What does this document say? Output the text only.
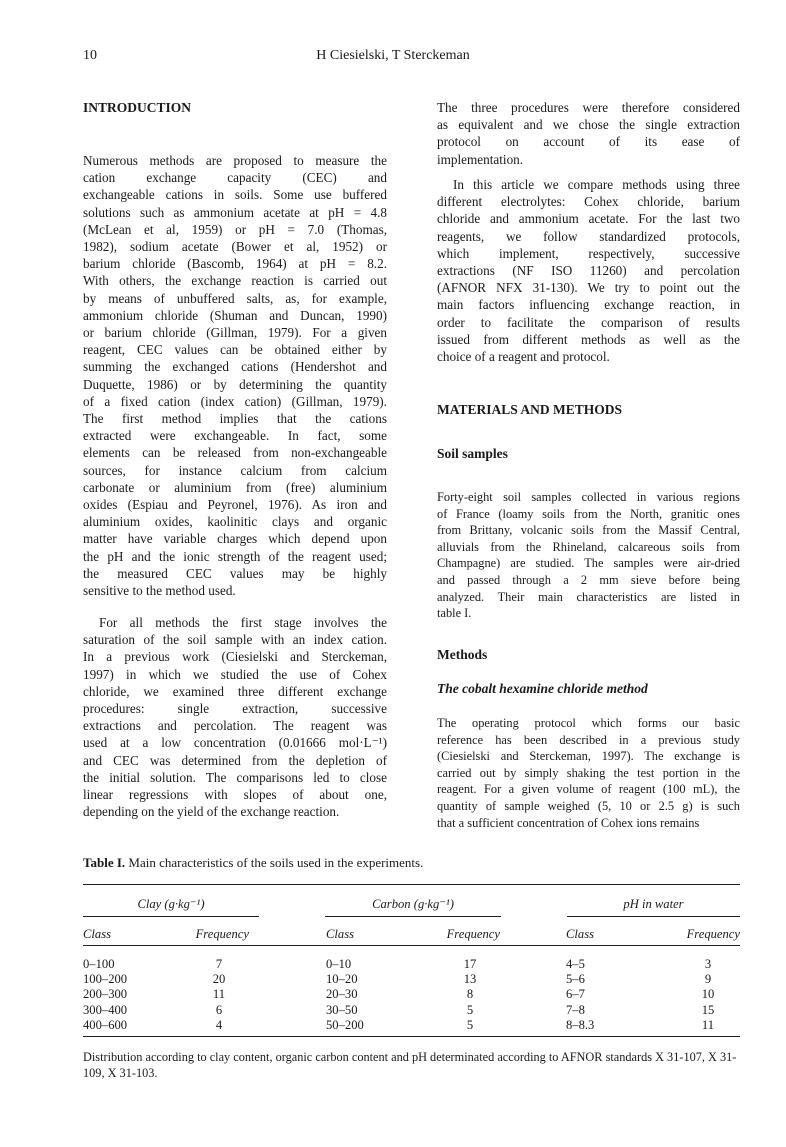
10	H Ciesielski, T Sterckeman
INTRODUCTION
Numerous methods are proposed to measure the
cation exchange capacity (CEC) and
exchangeable cations in soils. Some use buffered
solutions such as ammonium acetate at pH = 4.8
(McLean et al, 1959) or pH = 7.0 (Thomas,
1982), sodium acetate (Bower et al, 1952) or
barium chloride (Bascomb, 1964) at pH = 8.2.
With others, the exchange reaction is carried out
by means of unbuffered salts, as, for example,
ammonium chloride (Shuman and Duncan, 1990)
or barium chloride (Gillman, 1979). For a given
reagent, CEC values can be obtained either by
summing the exchanged cations (Hendershot and
Duquette, 1986) or by determining the quantity
of a fixed cation (index cation) (Gillman, 1979).
The first method implies that the cations
extracted were exchangeable. In fact, some
elements can be released from non-exchangeable
sources, for instance calcium from calcium
carbonate or aluminium from (free) aluminium
oxides (Espiau and Peyronel, 1976). As iron and
aluminium oxides, kaolinitic clays and organic
matter have variable charges which depend upon
the pH and the ionic strength of the reagent used;
the measured CEC values may be highly
sensitive to the method used.
For all methods the first stage involves the
saturation of the soil sample with an index cation.
In a previous work (Ciesielski and Sterckeman,
1997) in which we studied the use of Cohex
chloride, we examined three different exchange
procedures: single extraction, successive
extractions and percolation. The reagent was
used at a low concentration (0.01666 mol·L⁻¹)
and CEC was determined from the depletion of
the initial solution. The comparisons led to close
linear regressions with slopes of about one,
depending on the yield of the exchange reaction.
The three procedures were therefore considered
as equivalent and we chose the single extraction
protocol on account of its ease of
implementation.
In this article we compare methods using three
different electrolytes: Cohex chloride, barium
chloride and ammonium acetate. For the last two
reagents, we follow standardized protocols,
which implement, respectively, successive
extractions (NF ISO 11260) and percolation
(AFNOR NFX 31-130). We try to point out the
main factors influencing exchange reaction, in
order to facilitate the comparison of results
issued from different methods as well as the
choice of a reagent and protocol.
MATERIALS AND METHODS
Soil samples
Forty-eight soil samples collected in various regions
of France (loamy soils from the North, granitic ones
from Brittany, volcanic soils from the Massif Central,
alluvials from the Rhineland, calcareous soils from
Champagne) are studied. The samples were air-dried
and passed through a 2 mm sieve before being
analyzed. Their main characteristics are listed in
table I.
Methods
The cobalt hexamine chloride method
The operating protocol which forms our basic
reference has been described in a previous study
(Ciesielski and Sterckeman, 1997). The exchange is
carried out by simply shaking the test portion in the
reagent. For a given volume of reagent (100 mL), the
quantity of sample weighed (5, 10 or 2.5 g) is such
that a sufficient concentration of Cohex ions remains
Table I. Main characteristics of the soils used in the experiments.
Clay (g·kg⁻¹)	Carbon (g·kg⁻¹)	pH in water
Class	Frequency	Class	Frequency	Class	Frequency
0–100	7	0–10	17	4–5	3
100–200	20	10–20	13	5–6	9
200–300	11	20–30	8	6–7	10
300–400	6	30–50	5	7–8	15
400–600	4	50–200	5	8–8.3	11
Distribution according to clay content, organic carbon content and pH determinated according to AFNOR standards X 31-107, X 31-109, X 31-103.
